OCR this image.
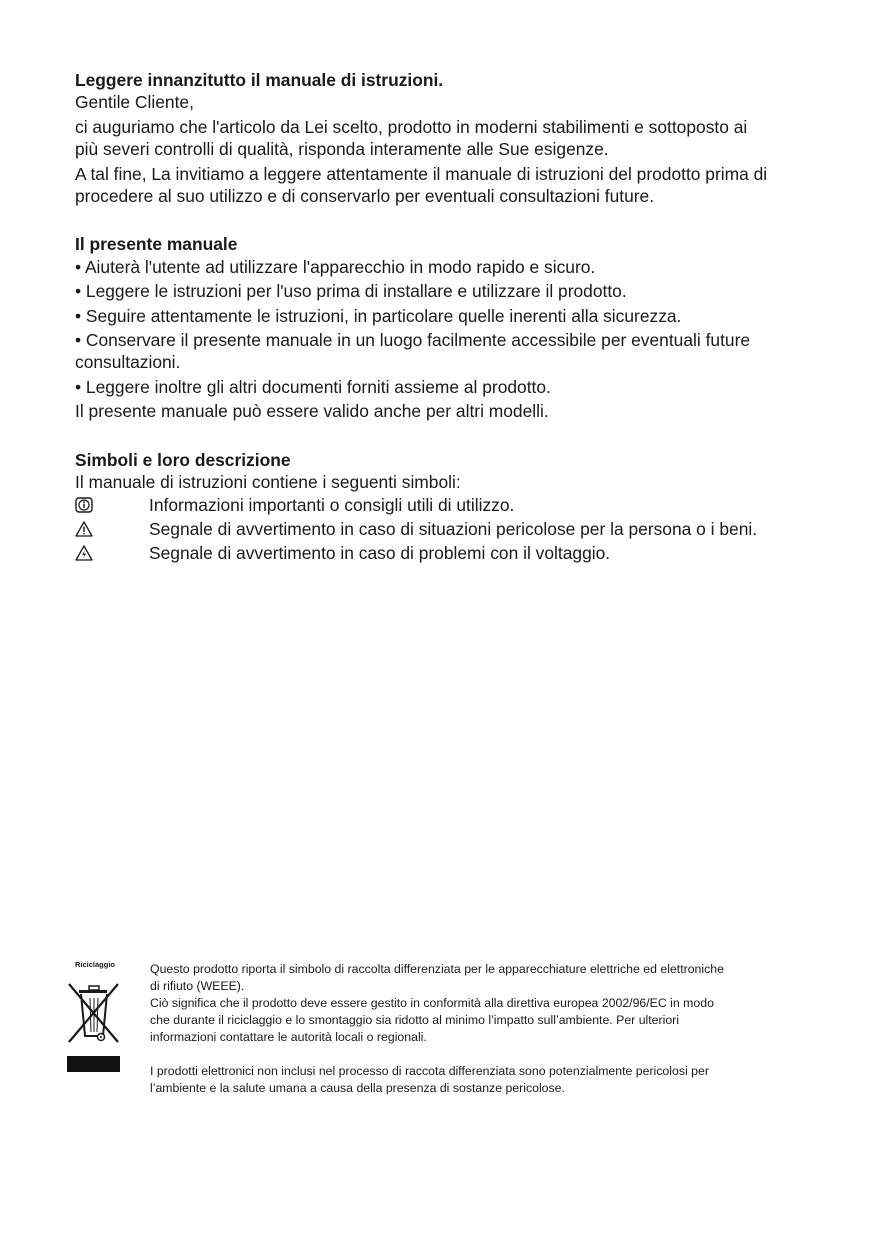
Leggere innanzitutto il manuale di istruzioni.

Gentile Cliente,

ci auguriamo che l'articolo da Lei scelto, prodotto in moderni stabilimenti e sottoposto ai

più severi controlli di qualità, risponda interamente alle Sue esigenze.

A tal fine, La invitiamo a leggere attentamente il manuale di istruzioni del prodotto prima di

procedere al suo utilizzo e di conservarlo per eventuali consultazioni future.

Il presente manuale

• Aiuterà l'utente ad utilizzare l'apparecchio in modo rapido e sicuro.

• Leggere le istruzioni per l'uso prima di installare e utilizzare il prodotto.

• Seguire attentamente le istruzioni, in particolare quelle inerenti alla sicurezza.

• Conservare il presente manuale in un luogo facilmente accessibile per eventuali future

consultazioni.

• Leggere inoltre gli altri documenti forniti assieme al prodotto.

Il presente manuale può essere valido anche per altri modelli.

Simboli e loro descrizione

Il manuale di istruzioni contiene i seguenti simboli:

Informazioni importanti o consigli utili di utilizzo.
Segnale di avvertimento in caso di situazioni pericolose per la persona o i beni.
Segnale di avvertimento in caso di problemi con il voltaggio.
Riciclaggio	Questo prodotto riporta il simbolo di raccolta differenziata per le apparecchiature elettriche ed elettroniche

di rifiuto (WEEE).

Ciò significa che il prodotto deve essere gestito in conformità alla direttiva europea 2002/96/EC in modo

che durante il riciclaggio e lo smontaggio sia ridotto al minimo l’impatto sull’ambiente. Per ulteriori

informazioni contattare le autorità locali o regionali.

I prodotti elettronici non inclusi nel processo di raccota differenziata sono potenzialmente pericolosi per

l’ambiente e la salute umana a causa della presenza di sostanze pericolose.
